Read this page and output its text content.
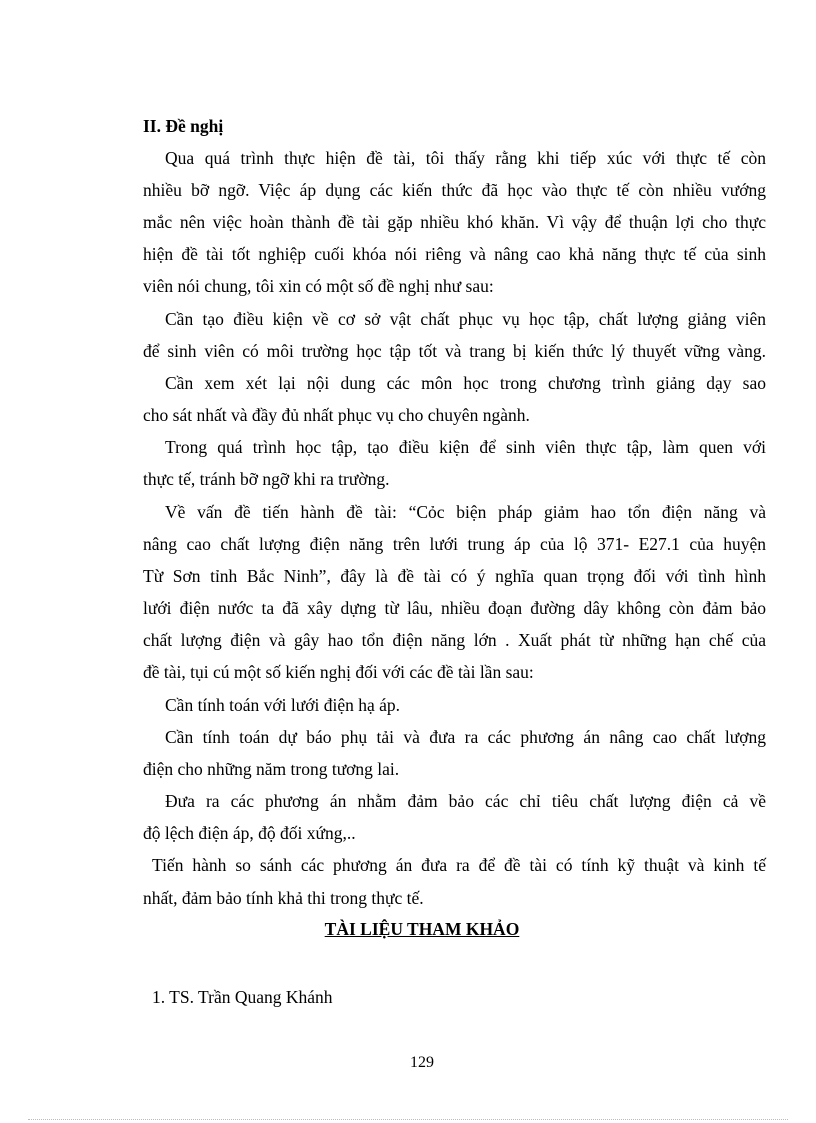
II. Đề nghị
Qua quá trình thực hiện đề tài, tôi thấy rằng khi tiếp xúc với thực tế còn
nhiều bỡ ngỡ. Việc áp dụng các kiến thức đã học vào thực tế còn nhiều vướng
mắc nên việc hoàn thành đề tài gặp nhiều khó khăn. Vì vậy để thuận lợi cho thực
hiện đề tài tốt nghiệp cuối khóa nói riêng và nâng cao khả năng thực tế của sinh
viên nói chung, tôi xin có một số đề nghị như sau:
Cần tạo điều kiện về cơ sở vật chất phục vụ học tập, chất lượng giảng viên
để sinh viên có môi trường học tập tốt và trang bị kiến thức lý thuyết vững vàng.
Cần xem xét lại nội dung các môn học trong chương trình giảng dạy sao
cho sát nhất và đầy đủ nhất phục vụ cho chuyên ngành.
Trong quá trình học tập, tạo điều kiện để sinh viên thực tập, làm quen với
thực tế, tránh bỡ ngỡ khi ra trường.
Về vấn đề tiến hành đề tài: “Cỏc biện pháp giảm hao tổn điện năng và
nâng cao chất lượng điện năng trên lưới trung áp của lộ 371- E27.1 của huyện
Từ Sơn tỉnh Bắc Ninh”, đây là đề tài có ý nghĩa quan trọng đối với tình hình
lưới điện nước ta đã xây dựng từ lâu, nhiều đoạn đường dây không còn đảm bảo
chất lượng điện và gây hao tổn điện năng lớn . Xuất phát từ những hạn chế của
đề tài, tụi cú một số kiến nghị đối với các đề tài lần sau:
Cần tính toán với lưới điện hạ áp.
Cần tính toán dự báo phụ tải và đưa ra các phương án nâng cao chất lượng
điện cho những năm trong tương lai.
Đưa ra các phương án nhằm đảm bảo các chỉ tiêu chất lượng điện cả về
độ lệch điện áp, độ đối xứng,..
Tiến hành so sánh các phương án đưa ra để đề tài có tính kỹ thuật và kinh tế
nhất, đảm bảo tính khả thi trong thực tế.
TÀI LIỆU THAM KHẢO
1. TS. Trần Quang Khánh
129
